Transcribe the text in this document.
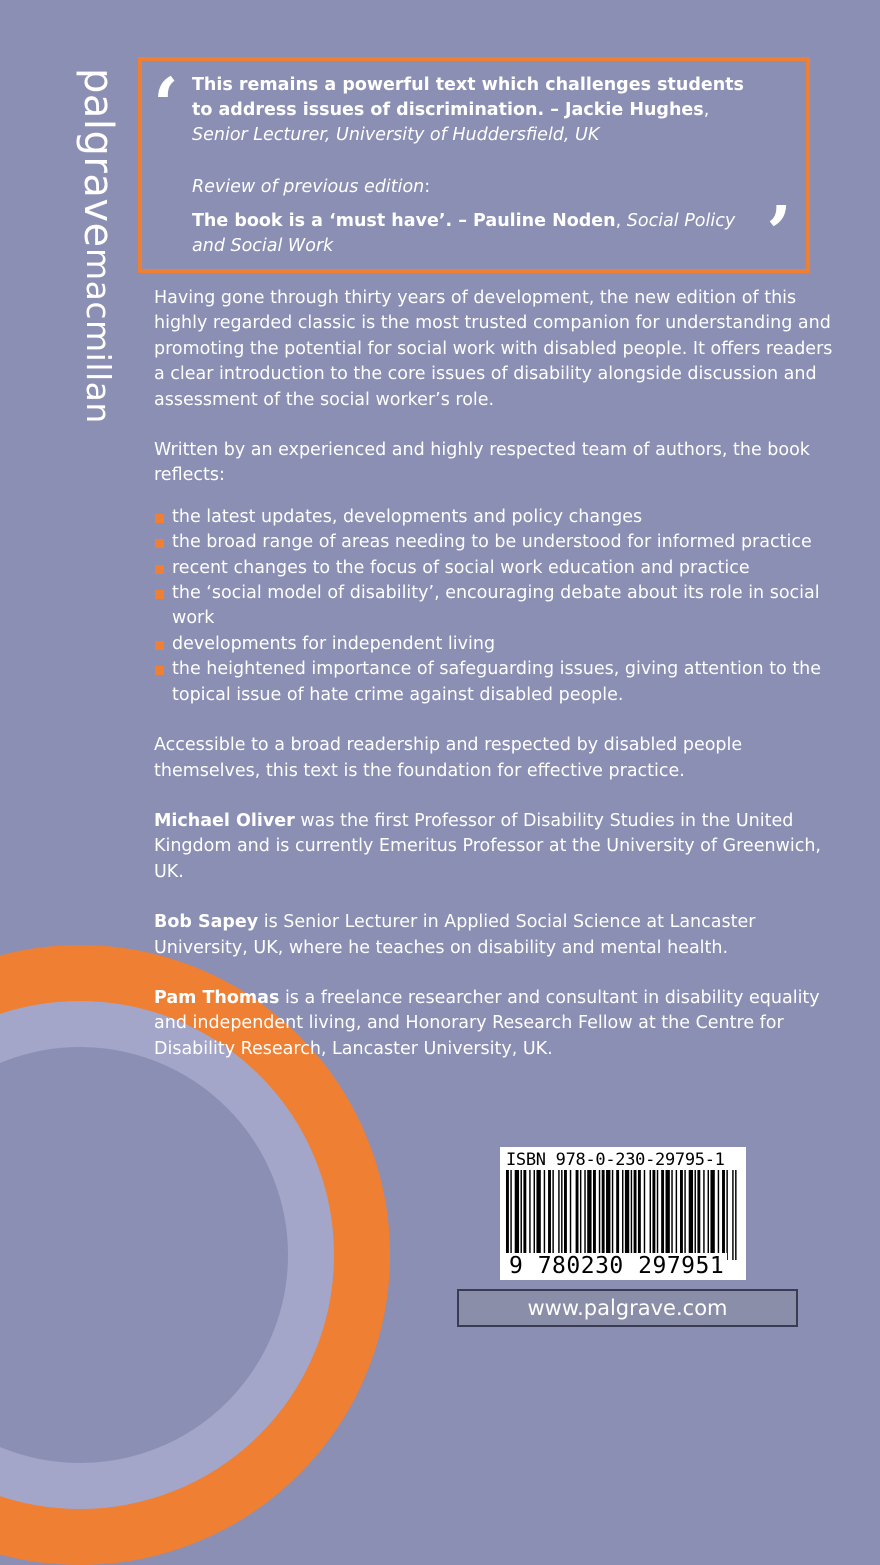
palgrave
macmillan
‘
’

This remains a powerful text which challenges students to address issues of discrimination. – Jackie Hughes, Senior Lecturer, University of Huddersfield, UK

Review of previous edition:

The book is a ‘must have’. – Pauline Noden, Social Policy and Social Work

Having gone through thirty years of development, the new edition of this highly regarded classic is the most trusted companion for understanding and promoting the potential for social work with disabled people. It offers readers a clear introduction to the core issues of disability alongside discussion and assessment of the social worker’s role.

Written by an experienced and highly respected team of authors, the book reflects:

the latest updates, developments and policy changes
the broad range of areas needing to be understood for informed practice
recent changes to the focus of social work education and practice
the ‘social model of disability’, encouraging debate about its role in social work
developments for independent living
the heightened importance of safeguarding issues, giving attention to the topical issue of hate crime against disabled people.

Accessible to a broad readership and respected by disabled people themselves, this text is the foundation for effective practice.

Michael Oliver was the first Professor of Disability Studies in the United Kingdom and is currently Emeritus Professor at the University of Greenwich, UK.

Bob Sapey is Senior Lecturer in Applied Social Science at Lancaster University, UK, where he teaches on disability and mental health.

Pam Thomas is a freelance researcher and consultant in disability equality and independent living, and Honorary Research Fellow at the Centre for Disability Research, Lancaster University, UK.

ISBN 978-0-230-29795-1
9 780230 297951
www.palgrave.com
